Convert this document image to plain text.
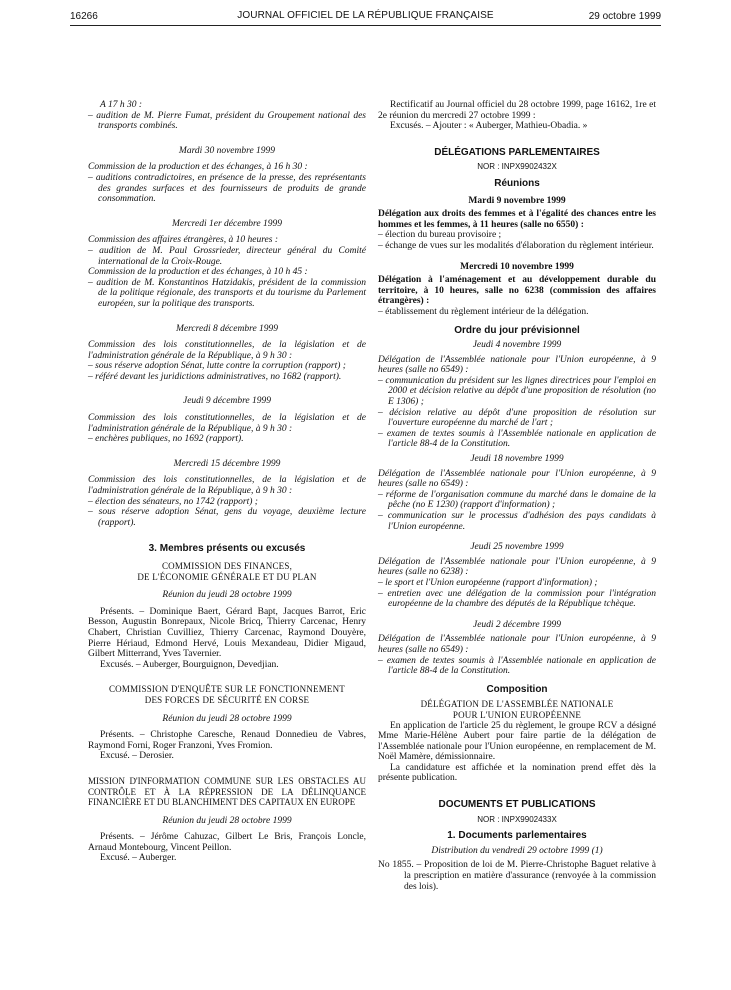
16266	JOURNAL OFFICIEL DE LA RÉPUBLIQUE FRANÇAISE	29 octobre 1999

A 17 h 30 :

– audition de M. Pierre Fumat, président du Groupement national des transports combinés.

Mardi 30 novembre 1999

Commission de la production et des échanges, à 16 h 30 :

– auditions contradictoires, en présence de la presse, des représentants des grandes surfaces et des fournisseurs de produits de grande consommation.

Mercredi 1er décembre 1999

Commission des affaires étrangères, à 10 heures :

– audition de M. Paul Grossrieder, directeur général du Comité international de la Croix-Rouge.

Commission de la production et des échanges, à 10 h 45 :

– audition de M. Konstantinos Hatzidakis, président de la commission de la politique régionale, des transports et du tourisme du Parlement européen, sur la politique des transports.

Mercredi 8 décembre 1999

Commission des lois constitutionnelles, de la législation et de l'administration générale de la République, à 9 h 30 :

– sous réserve adoption Sénat, lutte contre la corruption (rapport) ;

– référé devant les juridictions administratives, no 1682 (rapport).

Jeudi 9 décembre 1999

Commission des lois constitutionnelles, de la législation et de l'administration générale de la République, à 9 h 30 :

– enchères publiques, no 1692 (rapport).

Mercredi 15 décembre 1999

Commission des lois constitutionnelles, de la législation et de l'administration générale de la République, à 9 h 30 :

– élection des sénateurs, no 1742 (rapport) ;

– sous réserve adoption Sénat, gens du voyage, deuxième lecture (rapport).

3. Membres présents ou excusés

COMMISSION DES FINANCES,

DE L'ÉCONOMIE GÉNÉRALE ET DU PLAN

Réunion du jeudi 28 octobre 1999

Présents. – Dominique Baert, Gérard Bapt, Jacques Barrot, Eric Besson, Augustin Bonrepaux, Nicole Bricq, Thierry Carcenac, Henry Chabert, Christian Cuvilliez, Thierry Carcenac, Raymond Douyère, Pierre Hériaud, Edmond Hervé, Louis Mexandeau, Didier Migaud, Gilbert Mitterrand, Yves Tavernier.

Excusés. – Auberger, Bourguignon, Devedjian.

COMMISSION D'ENQUÊTE SUR LE FONCTIONNEMENT

DES FORCES DE SÉCURITÉ EN CORSE

Réunion du jeudi 28 octobre 1999

Présents. – Christophe Caresche, Renaud Donnedieu de Vabres, Raymond Forni, Roger Franzoni, Yves Fromion.

Excusé. – Derosier.

MISSION D'INFORMATION COMMUNE SUR LES OBSTACLES AU CONTRÔLE ET À LA RÉPRESSION DE LA DÉLINQUANCE FINANCIÈRE ET DU BLANCHIMENT DES CAPITAUX EN EUROPE

Réunion du jeudi 28 octobre 1999

Présents. – Jérôme Cahuzac, Gilbert Le Bris, François Loncle, Arnaud Montebourg, Vincent Peillon.

Excusé. – Auberger.

Rectificatif au Journal officiel du 28 octobre 1999, page 16162, 1re et 2e réunion du mercredi 27 octobre 1999 :

Excusés. – Ajouter : « Auberger, Mathieu-Obadia. »

DÉLÉGATIONS PARLEMENTAIRES

NOR : INPX9902432X

Réunions

Mardi 9 novembre 1999

Délégation aux droits des femmes et à l'égalité des chances entre les hommes et les femmes, à 11 heures (salle no 6550) :

– élection du bureau provisoire ;

– échange de vues sur les modalités d'élaboration du règlement intérieur.

Mercredi 10 novembre 1999

Délégation à l'aménagement et au développement durable du territoire, à 10 heures, salle no 6238 (commission des affaires étrangères) :

– établissement du règlement intérieur de la délégation.

Ordre du jour prévisionnel

Jeudi 4 novembre 1999

Délégation de l'Assemblée nationale pour l'Union européenne, à 9 heures (salle no 6549) :

– communication du président sur les lignes directrices pour l'emploi en 2000 et décision relative au dépôt d'une proposition de résolution (no E 1306) ;

– décision relative au dépôt d'une proposition de résolution sur l'ouverture européenne du marché de l'art ;

– examen de textes soumis à l'Assemblée nationale en application de l'article 88-4 de la Constitution.

Jeudi 18 novembre 1999

Délégation de l'Assemblée nationale pour l'Union européenne, à 9 heures (salle no 6549) :

– réforme de l'organisation commune du marché dans le domaine de la pêche (no E 1230) (rapport d'information) ;

– communication sur le processus d'adhésion des pays candidats à l'Union européenne.

Jeudi 25 novembre 1999

Délégation de l'Assemblée nationale pour l'Union européenne, à 9 heures (salle no 6238) :

– le sport et l'Union européenne (rapport d'information) ;

– entretien avec une délégation de la commission pour l'intégration européenne de la chambre des députés de la République tchèque.

Jeudi 2 décembre 1999

Délégation de l'Assemblée nationale pour l'Union européenne, à 9 heures (salle no 6549) :

– examen de textes soumis à l'Assemblée nationale en application de l'article 88-4 de la Constitution.

Composition

DÉLÉGATION DE L'ASSEMBLÉE NATIONALE

POUR L'UNION EUROPÉENNE

En application de l'article 25 du règlement, le groupe RCV a désigné Mme Marie-Hélène Aubert pour faire partie de la délégation de l'Assemblée nationale pour l'Union européenne, en remplacement de M. Noël Mamère, démissionnaire.

La candidature est affichée et la nomination prend effet dès la présente publication.

DOCUMENTS ET PUBLICATIONS

NOR : INPX9902433X

1. Documents parlementaires

Distribution du vendredi 29 octobre 1999 (1)

No 1855. – Proposition de loi de M. Pierre-Christophe Baguet relative à la prescription en matière d'assurance (renvoyée à la commission des lois).
